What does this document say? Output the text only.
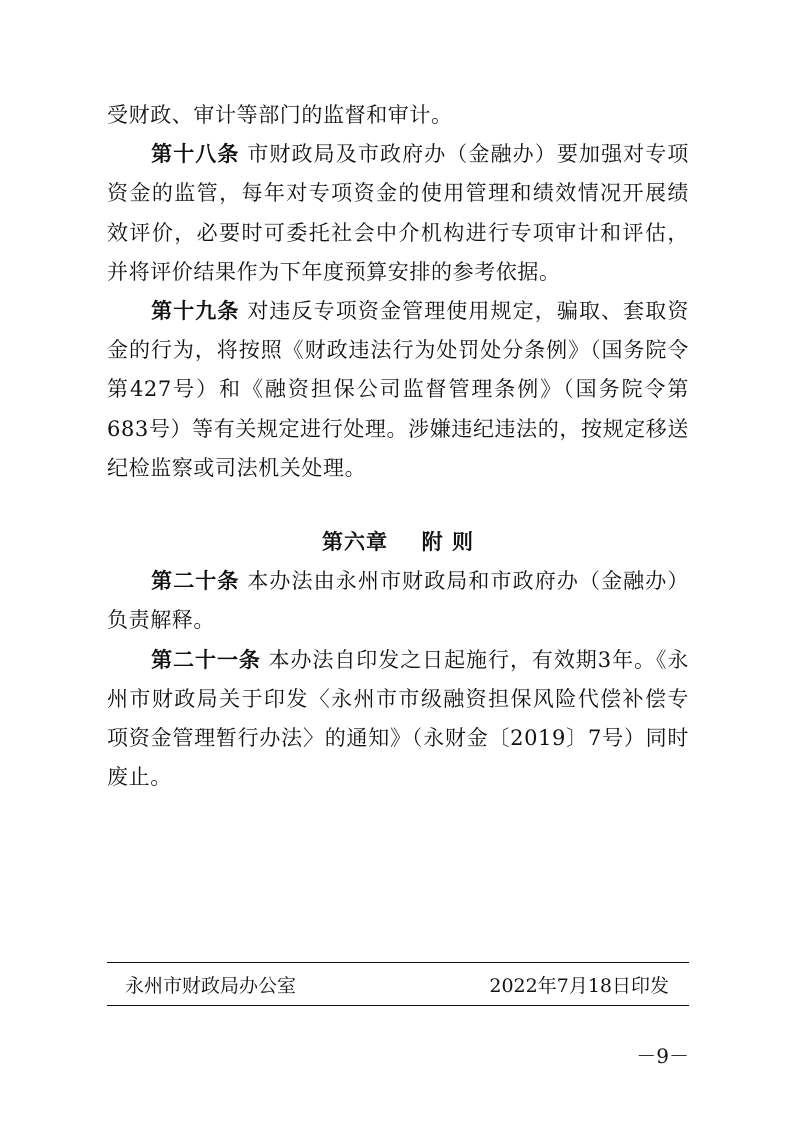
受财政、审计等部门的监督和审计。

第十八条 市财政局及市政府办（金融办）要加强对专项资金的监管，每年对专项资金的使用管理和绩效情况开展绩效评价，必要时可委托社会中介机构进行专项审计和评估，并将评价结果作为下年度预算安排的参考依据。

第十九条 对违反专项资金管理使用规定，骗取、套取资金的行为，将按照《财政违法行为处罚处分条例》（国务院令第427号）和《融资担保公司监督管理条例》（国务院令第683号）等有关规定进行处理。涉嫌违纪违法的，按规定移送纪检监察或司法机关处理。

第六章 附 则

第二十条 本办法由永州市财政局和市政府办（金融办）负责解释。

第二十一条 本办法自印发之日起施行，有效期3年。《永州市财政局关于印发〈永州市市级融资担保风险代偿补偿专项资金管理暂行办法〉的通知》（永财金〔2019〕7号）同时废止。

永州市财政局办公室	2022年7月18日印发
－9－
